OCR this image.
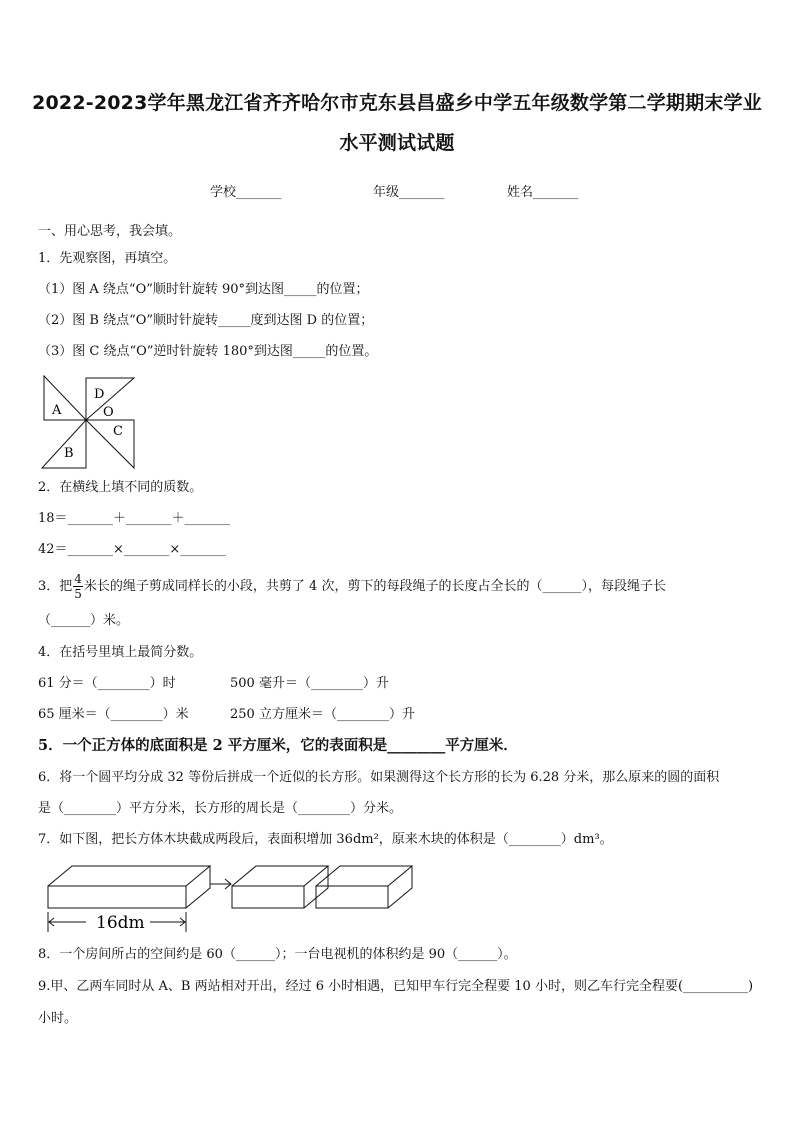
2022-2023学年黑龙江省齐齐哈尔市克东县昌盛乡中学五年级数学第二学期期末学业
水平测试试题
学校_______	年级_______	姓名_______
一、用心思考，我会填。
1．先观察图，再填空。
（1）图 A 绕点“O”顺时针旋转 90°到达图_____的位置；
（2）图 B 绕点“O”顺时针旋转_____度到达图 D 的位置；
（3）图 C 绕点“O”逆时针旋转 180°到达图_____的位置。
A
D
O
C
B
2．在横线上填不同的质数。
18＝_______＋_______＋_______
42＝_______×_______×_______
3．把 $\frac{4}{5}$ 米长的绳子剪成同样长的小段，共剪了 4 次，剪下的每段绳子的长度占全长的（______），每段绳子长
（______）米。
4．在括号里填上最简分数。
61 分＝（________）时	500 毫升＝（________）升
65 厘米＝（________）米	250 立方厘米＝（________）升
5．一个正方体的底面积是 2 平方厘米，它的表面积是________平方厘米．
6．将一个圆平均分成 32 等份后拼成一个近似的长方形。如果测得这个长方形的长为 6.28 分米，那么原来的圆的面积
是（________）平方分米，长方形的周长是（________）分米。
7．如下图，把长方体木块截成两段后，表面积增加 36dm²，原来木块的体积是（________）dm³。
16dm
8．一个房间所占的空间约是 60（______）；一台电视机的体积约是 90（______）。
9.甲、乙两车同时从 A、B 两站相对开出，经过 6 小时相遇，已知甲车行完全程要 10 小时，则乙车行完全程要(__________)
小时。
